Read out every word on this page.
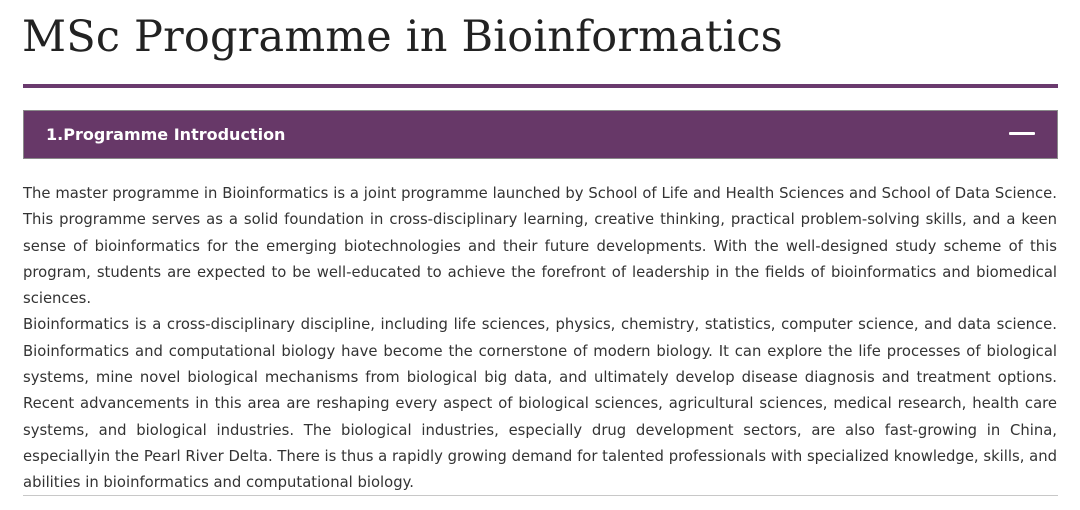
MSc Programme in Bioinformatics
1.Programme Introduction

The master programme in Bioinformatics is a joint programme launched by School of Life and Health Sciences and School of Data Science. This programme serves as a solid foundation in cross-disciplinary learning, creative thinking, practical problem-solving skills, and a keen sense of bioinformatics for the emerging biotechnologies and their future developments. With the well-designed study scheme of this program, students are expected to be well-educated to achieve the forefront of leadership in the fields of bioinformatics and biomedical sciences.

Bioinformatics is a cross-disciplinary discipline, including life sciences, physics, chemistry, statistics, computer science, and data science. Bioinformatics and computational biology have become the cornerstone of modern biology. It can explore the life processes of biological systems, mine novel biological mechanisms from biological big data, and ultimately develop disease diagnosis and treatment options. Recent advancements in this area are reshaping every aspect of biological sciences, agricultural sciences, medical research, health care systems, and biological industries. The biological industries, especially drug development sectors, are also fast-growing in China, especiallyin the Pearl River Delta. There is thus a rapidly growing demand for talented professionals with specialized knowledge, skills, and abilities in bioinformatics and computational biology.
